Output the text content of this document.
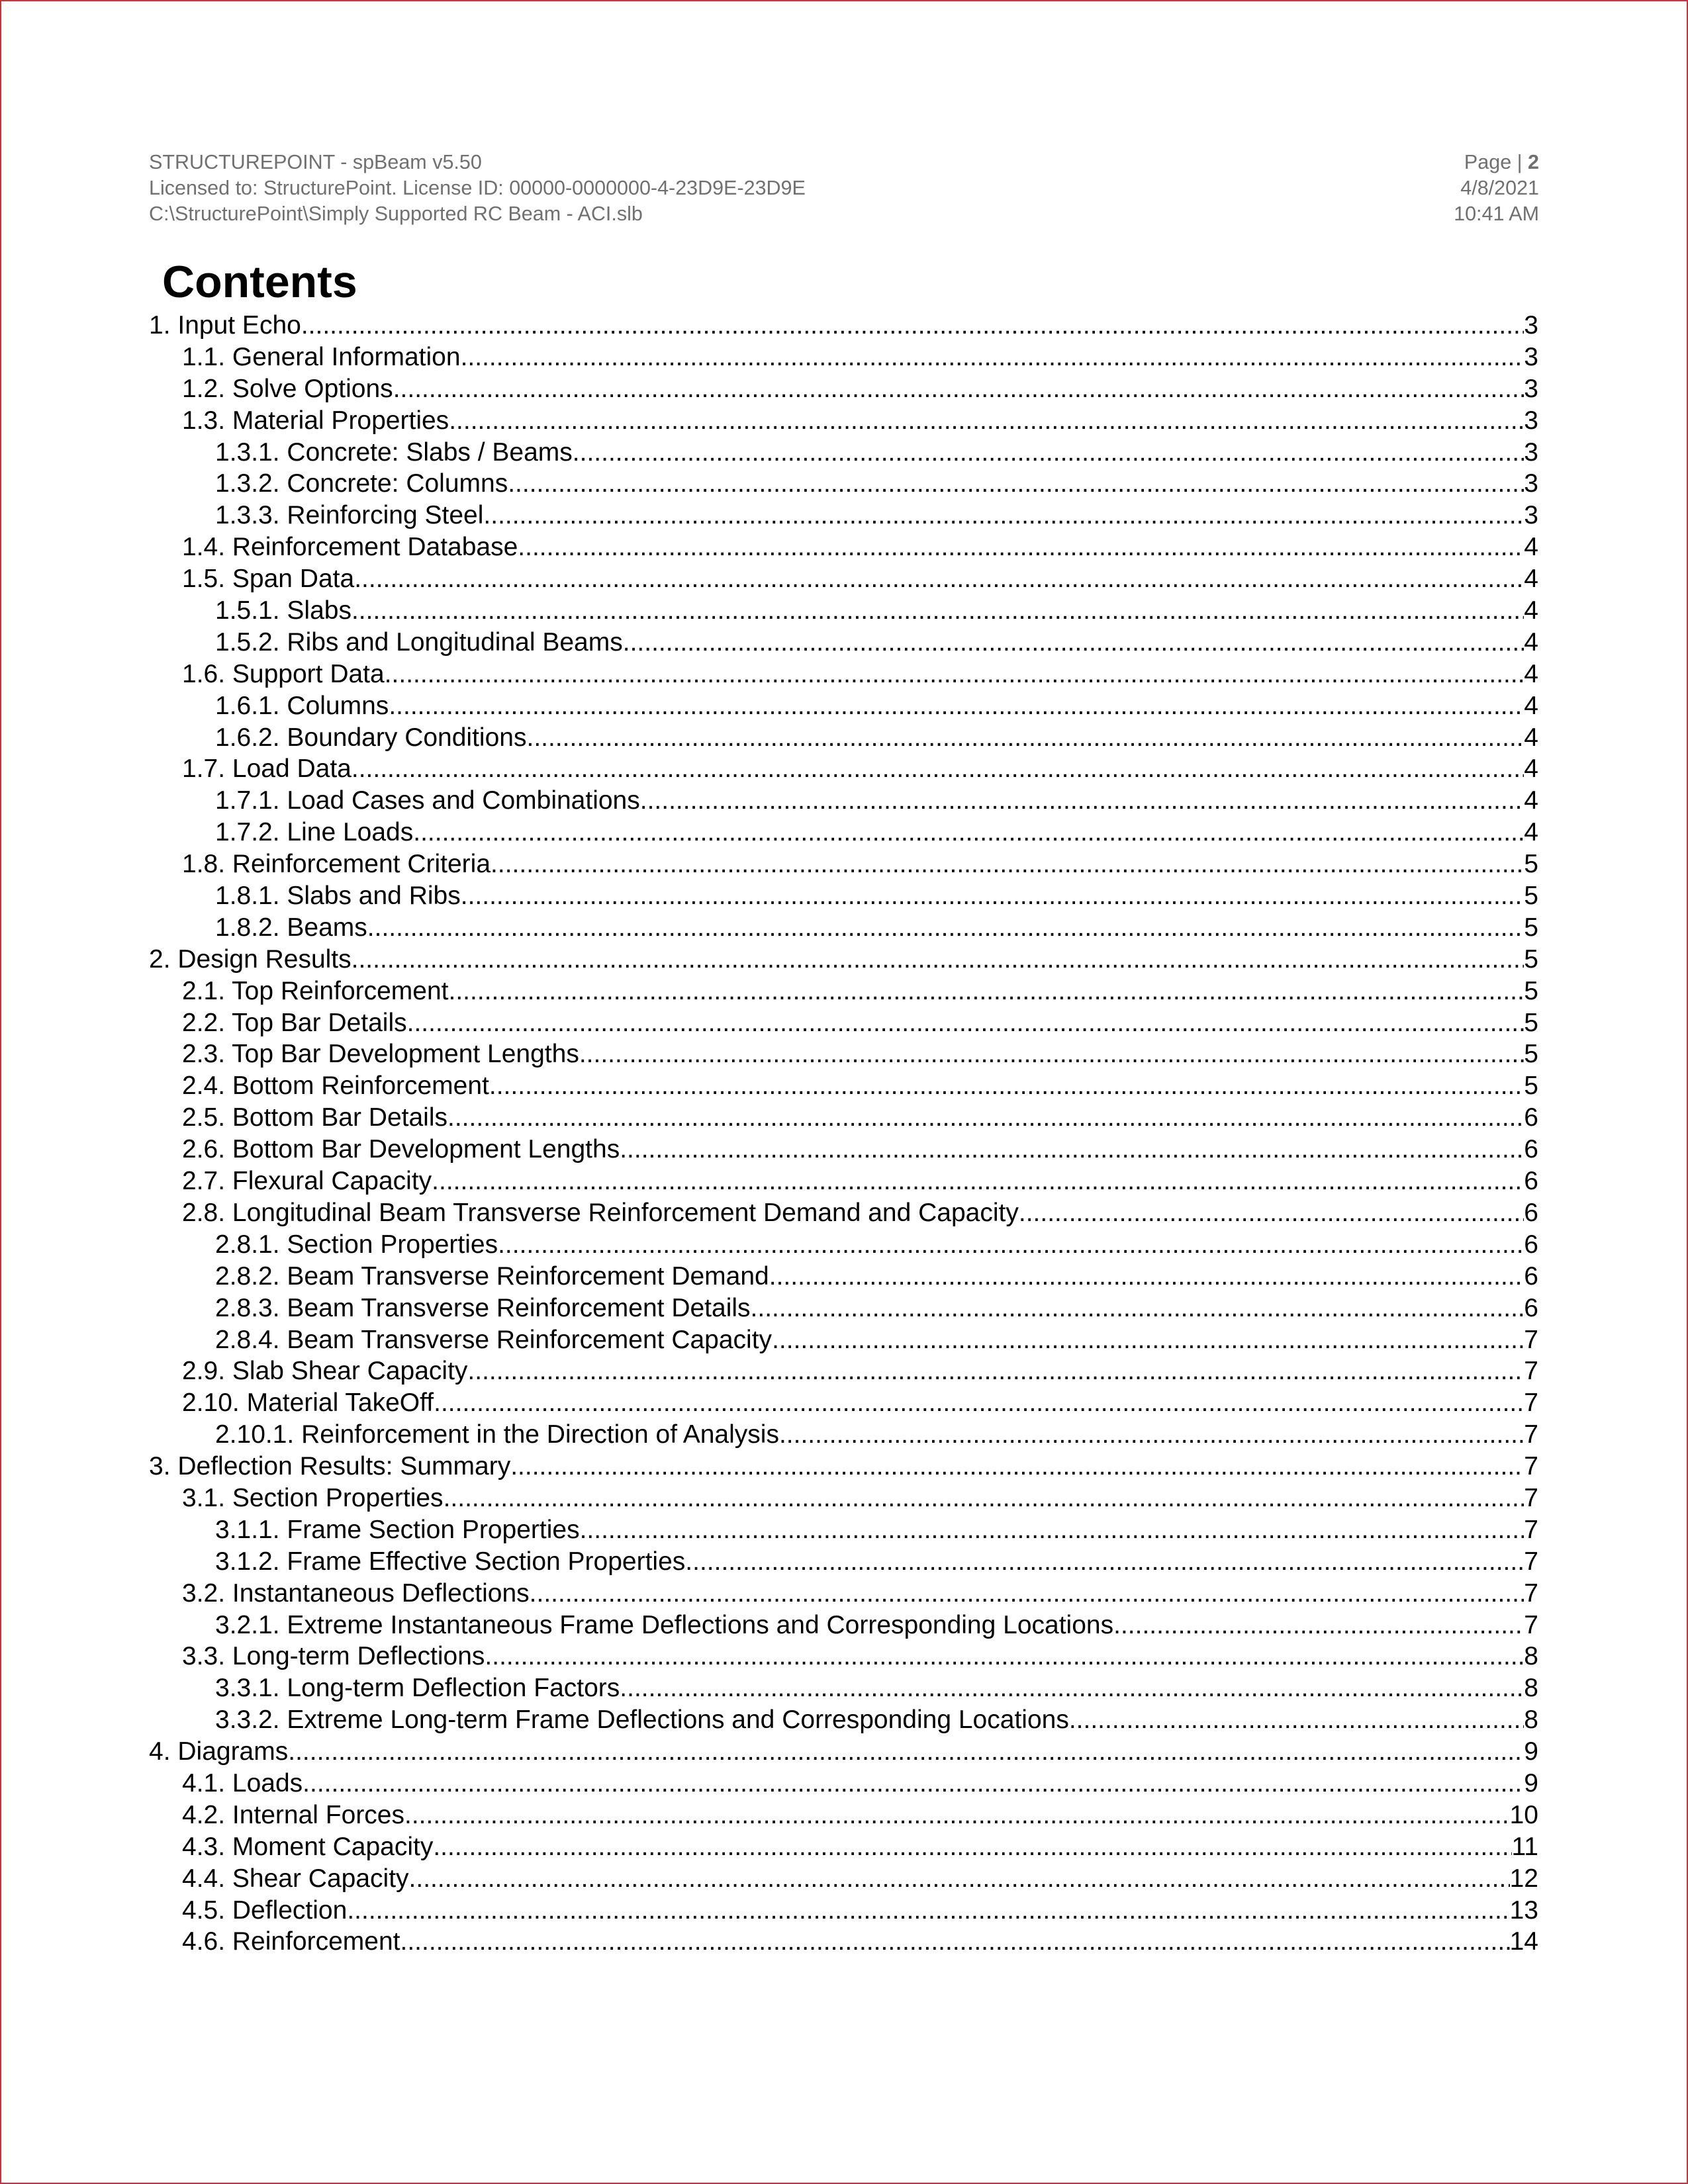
STRUCTUREPOINT - spBeam v5.50
Licensed to: StructurePoint. License ID: 00000-0000000-4-23D9E-23D9E
C:\StructurePoint\Simply Supported RC Beam - ACI.slb
Page | 2
4/8/2021
10:41 AM
Contents
1. Input Echo .....	3
1.1. General Information .....	3
1.2. Solve Options .....	3
1.3. Material Properties .....	3
1.3.1. Concrete: Slabs / Beams .....	3
1.3.2. Concrete: Columns .....	3
1.3.3. Reinforcing Steel .....	3
1.4. Reinforcement Database .....	4
1.5. Span Data .....	4
1.5.1. Slabs .....	4
1.5.2. Ribs and Longitudinal Beams .....	4
1.6. Support Data .....	4
1.6.1. Columns .....	4
1.6.2. Boundary Conditions .....	4
1.7. Load Data .....	4
1.7.1. Load Cases and Combinations .....	4
1.7.2. Line Loads .....	4
1.8. Reinforcement Criteria .....	5
1.8.1. Slabs and Ribs .....	5
1.8.2. Beams .....	5
2. Design Results .....	5
2.1. Top Reinforcement .....	5
2.2. Top Bar Details .....	5
2.3. Top Bar Development Lengths .....	5
2.4. Bottom Reinforcement .....	5
2.5. Bottom Bar Details .....	6
2.6. Bottom Bar Development Lengths .....	6
2.7. Flexural Capacity .....	6
2.8. Longitudinal Beam Transverse Reinforcement Demand and Capacity .....	6
2.8.1. Section Properties .....	6
2.8.2. Beam Transverse Reinforcement Demand .....	6
2.8.3. Beam Transverse Reinforcement Details .....	6
2.8.4. Beam Transverse Reinforcement Capacity .....	7
2.9. Slab Shear Capacity .....	7
2.10. Material TakeOff .....	7
2.10.1. Reinforcement in the Direction of Analysis .....	7
3. Deflection Results: Summary .....	7
3.1. Section Properties .....	7
3.1.1. Frame Section Properties .....	7
3.1.2. Frame Effective Section Properties .....	7
3.2. Instantaneous Deflections .....	7
3.2.1. Extreme Instantaneous Frame Deflections and Corresponding Locations .....	7
3.3. Long-term Deflections .....	8
3.3.1. Long-term Deflection Factors .....	8
3.3.2. Extreme Long-term Frame Deflections and Corresponding Locations .....	8
4. Diagrams .....	9
4.1. Loads .....	9
4.2. Internal Forces .....	10
4.3. Moment Capacity .....	11
4.4. Shear Capacity .....	12
4.5. Deflection .....	13
4.6. Reinforcement .....	14
